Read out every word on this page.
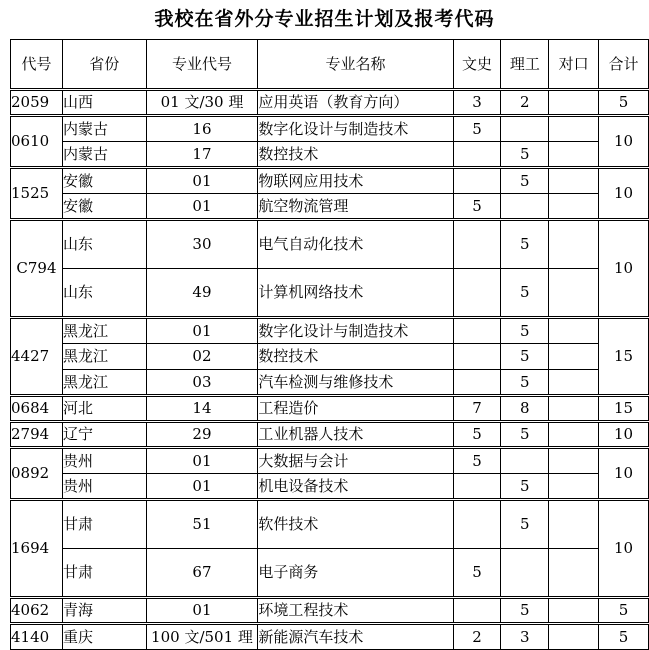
我校在省外分专业招生计划及报考代码
代号	省份	专业代号	专业名称	文史	理工	对口	合计
2059	山西	01 文/30 理	应用英语（教育方向）	3	2		5
0610	内蒙古	16	数字化设计与制造技术	5			10
	内蒙古	17	数控技术		5		
1525	安徽	01	物联网应用技术		5		10
	安徽	01	航空物流管理	5			
C794	山东	30	电气自动化技术		5		10
	山东	49	计算机网络技术		5		
4427	黑龙江	01	数字化设计与制造技术		5		15
	黑龙江	02	数控技术		5		
	黑龙江	03	汽车检测与维修技术		5		
0684	河北	14	工程造价	7	8		15
2794	辽宁	29	工业机器人技术	5	5		10
0892	贵州	01	大数据与会计	5			10
	贵州	01	机电设备技术		5		
1694	甘肃	51	软件技术		5		10
	甘肃	67	电子商务	5			
4062	青海	01	环境工程技术		5		5
4140	重庆	100 文/501 理	新能源汽车技术	2	3		5
